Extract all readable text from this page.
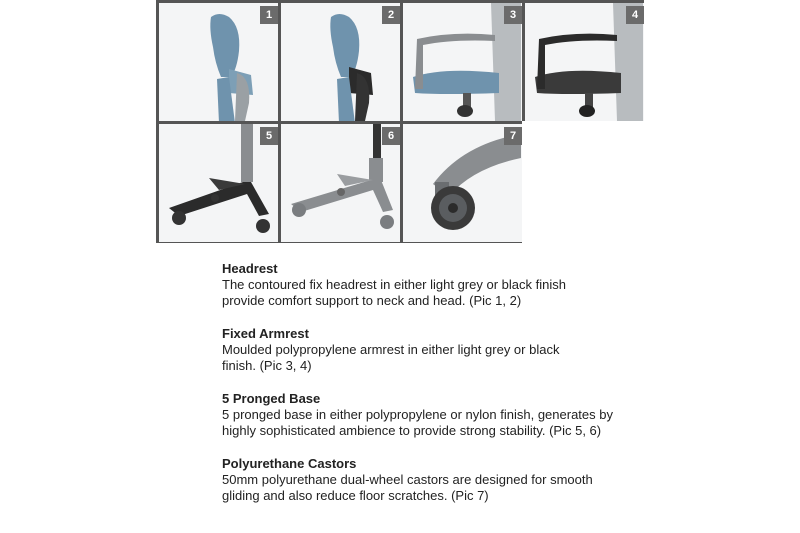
1	2	3	4
5	6	7
Headrest

The contoured fix headrest in either light grey or black finish provide comfort support to neck and head. (Pic 1, 2)

Fixed Armrest

Moulded polypropylene armrest in either light grey or black finish. (Pic 3, 4)

5 Pronged Base

5 pronged base in either polypropylene or nylon finish, generates by highly sophisticated ambience to provide strong stability. (Pic 5, 6)

Polyurethane Castors

50mm polyurethane dual-wheel castors are designed for smooth gliding and also reduce floor scratches. (Pic 7)
